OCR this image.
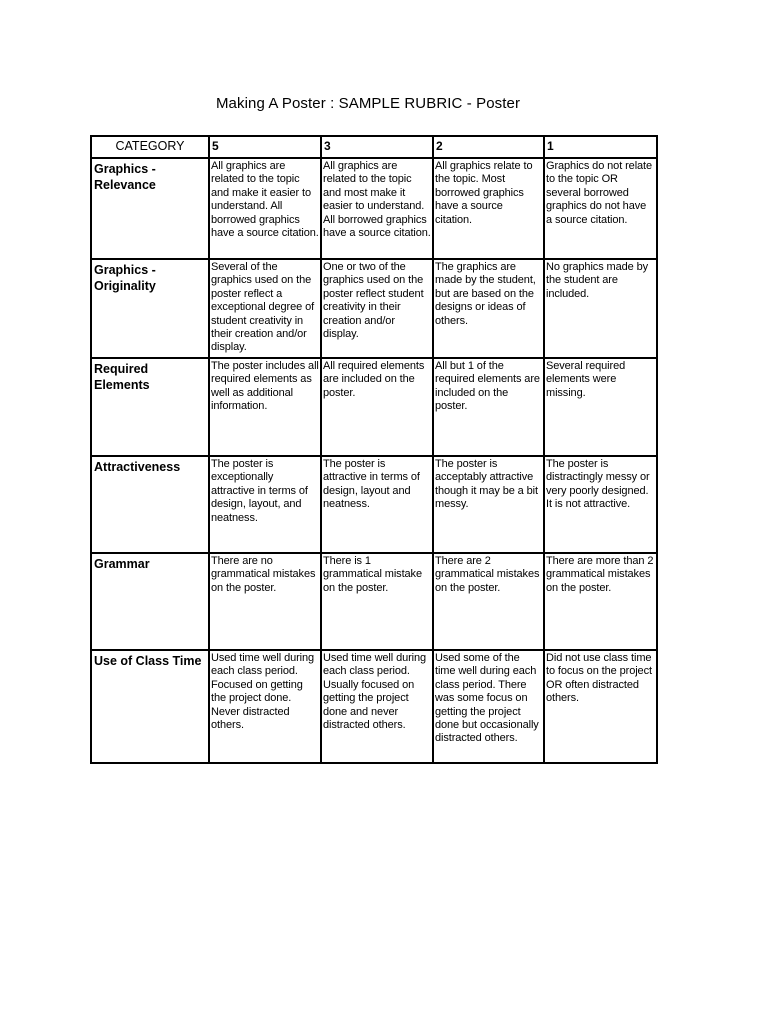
Making A Poster : SAMPLE RUBRIC - Poster
CATEGORY	5	3	2	1
Graphics - Relevance	All graphics are related to the topic and make it easier to understand. All borrowed graphics have a source citation.	All graphics are related to the topic and most make it easier to understand. All borrowed graphics have a source citation.	All graphics relate to the topic. Most borrowed graphics have a source citation.	Graphics do not relate to the topic OR several borrowed graphics do not have a source citation.
Graphics - Originality	Several of the graphics used on the poster reflect a exceptional degree of student creativity in their creation and/or display.	One or two of the graphics used on the poster reflect student creativity in their creation and/or display.	The graphics are made by the student, but are based on the designs or ideas of others.	No graphics made by the student are included.
Required Elements	The poster includes all required elements as well as additional information.	All required elements are included on the poster.	All but 1 of the required elements are included on the poster.	Several required elements were missing.
Attractiveness	The poster is exceptionally attractive in terms of design, layout, and neatness.	The poster is attractive in terms of design, layout and neatness.	The poster is acceptably attractive though it may be a bit messy.	The poster is distractingly messy or very poorly designed. It is not attractive.
Grammar	There are no grammatical mistakes on the poster.	There is 1 grammatical mistake on the poster.	There are 2 grammatical mistakes on the poster.	There are more than 2 grammatical mistakes on the poster.
Use of Class Time	Used time well during each class period. Focused on getting the project done. Never distracted others.	Used time well during each class period. Usually focused on getting the project done and never distracted others.	Used some of the time well during each class period. There was some focus on getting the project done but occasionally distracted others.	Did not use class time to focus on the project OR often distracted others.
